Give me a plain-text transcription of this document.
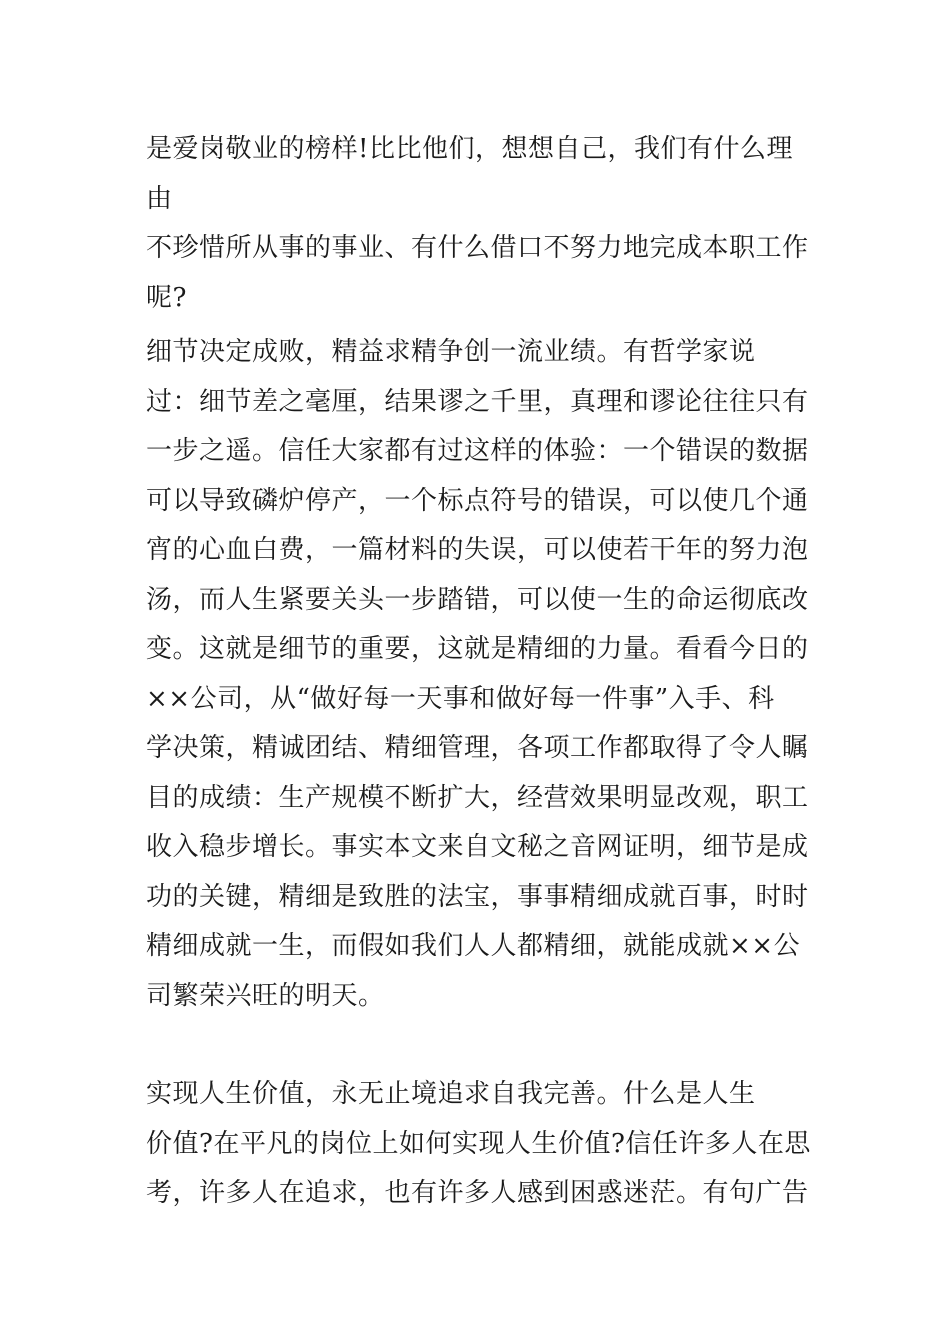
是爱岗敬业的榜样!比比他们，想想自己，我们有什么理由
不珍惜所从事的事业、有什么借口不努力地完成本职工作
呢?

细节决定成败，精益求精争创一流业绩。有哲学家说
过：细节差之毫厘，结果谬之千里，真理和谬论往往只有
一步之遥。信任大家都有过这样的体验：一个错误的数据
可以导致磷炉停产，一个标点符号的错误，可以使几个通
宵的心血白费，一篇材料的失误，可以使若干年的努力泡
汤，而人生紧要关头一步踏错，可以使一生的命运彻底改
变。这就是细节的重要，这就是精细的力量。看看今日的
××公司，从“做好每一天事和做好每一件事”入手、科
学决策，精诚团结、精细管理，各项工作都取得了令人瞩
目的成绩：生产规模不断扩大，经营效果明显改观，职工
收入稳步增长。事实本文来自文秘之音网证明，细节是成
功的关键，精细是致胜的法宝，事事精细成就百事，时时
精细成就一生，而假如我们人人都精细，就能成就××公
司繁荣兴旺的明天。

实现人生价值，永无止境追求自我完善。什么是人生
价值?在平凡的岗位上如何实现人生价值?信任许多人在思
考，许多人在追求，也有许多人感到困惑迷茫。有句广告
